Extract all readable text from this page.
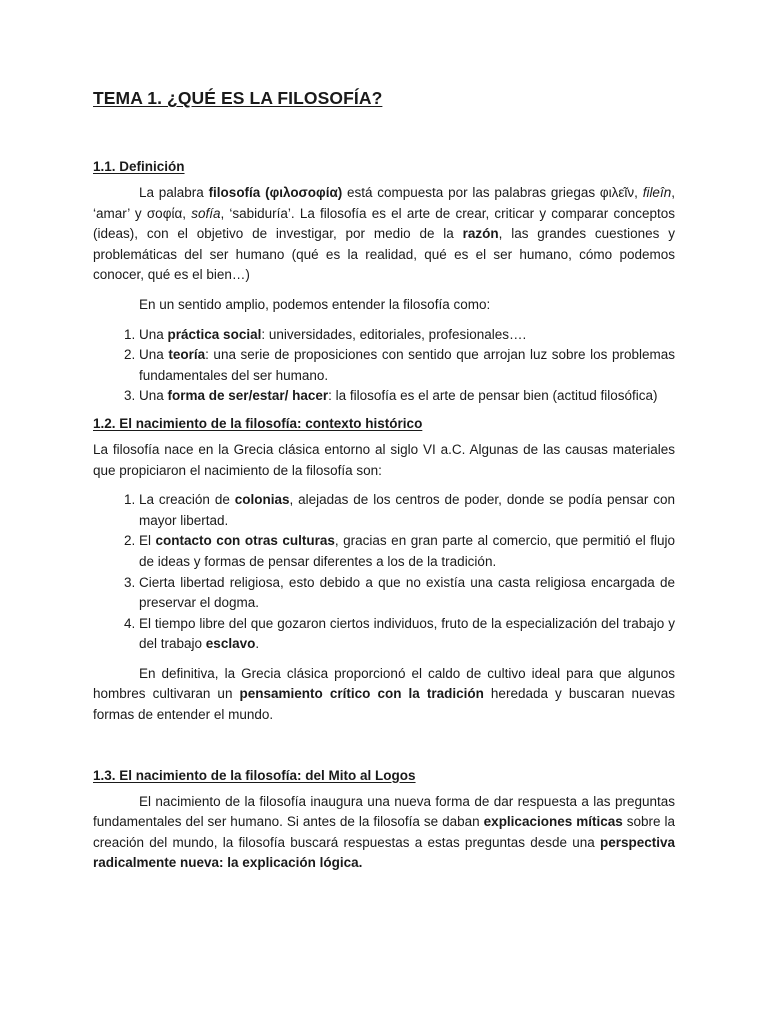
TEMA 1. ¿QUÉ ES LA FILOSOFÍA?
1.1. Definición

La palabra filosofía (φιλοσοφία) está compuesta por las palabras griegas φιλεῖν, fileîn, ‘amar’ y σοφία, sofía, ‘sabiduría’. La filosofía es el arte de crear, criticar y comparar conceptos (ideas), con el objetivo de investigar, por medio de la razón, las grandes cuestiones y problemáticas del ser humano (qué es la realidad, qué es el ser humano, cómo podemos conocer, qué es el bien…)

En un sentido amplio, podemos entender la filosofía como:

1. Una práctica social: universidades, editoriales, profesionales….
2. Una teoría: una serie de proposiciones con sentido que arrojan luz sobre los problemas fundamentales del ser humano.
3. Una forma de ser/estar/ hacer: la filosofía es el arte de pensar bien (actitud filosófica)
1.2. El nacimiento de la filosofía: contexto histórico

La filosofía nace en la Grecia clásica entorno al siglo VI a.C. Algunas de las causas materiales que propiciaron el nacimiento de la filosofía son:

1. La creación de colonias, alejadas de los centros de poder, donde se podía pensar con mayor libertad.
2. El contacto con otras culturas, gracias en gran parte al comercio, que permitió el flujo de ideas y formas de pensar diferentes a los de la tradición.
3. Cierta libertad religiosa, esto debido a que no existía una casta religiosa encargada de preservar el dogma.
4. El tiempo libre del que gozaron ciertos individuos, fruto de la especialización del trabajo y del trabajo esclavo.

En definitiva, la Grecia clásica proporcionó el caldo de cultivo ideal para que algunos hombres cultivaran un pensamiento crítico con la tradición heredada y buscaran nuevas formas de entender el mundo.

1.3. El nacimiento de la filosofía: del Mito al Logos

El nacimiento de la filosofía inaugura una nueva forma de dar respuesta a las preguntas fundamentales del ser humano. Si antes de la filosofía se daban explicaciones míticas sobre la creación del mundo, la filosofía buscará respuestas a estas preguntas desde una perspectiva radicalmente nueva: la explicación lógica.
